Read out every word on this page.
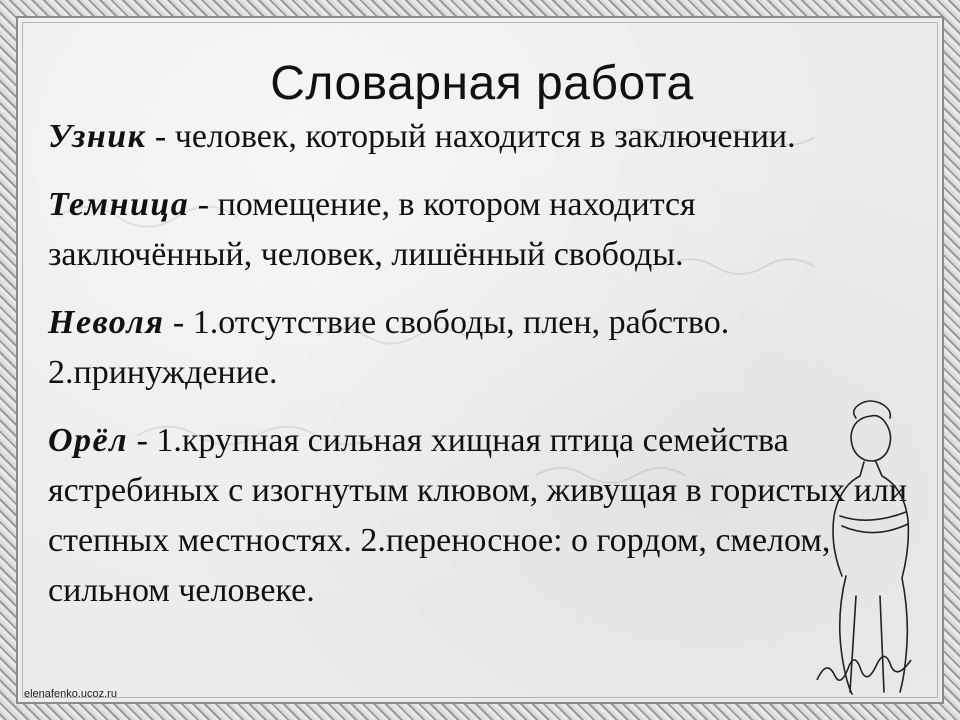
Словарная работа

Узник - человек, который находится в заключении.

Темница - помещение, в котором находится заключённый, человек, лишённый свободы.

Неволя - 1.отсутствие свободы, плен, рабство. 2.принуждение.

Орёл - 1.крупная сильная хищная птица семейства ястребиных с изогнутым клювом, живущая в гористых или степных местностях. 2.переносное: о гордом, смелом, сильном человеке.

elenafenko.ucoz.ru
